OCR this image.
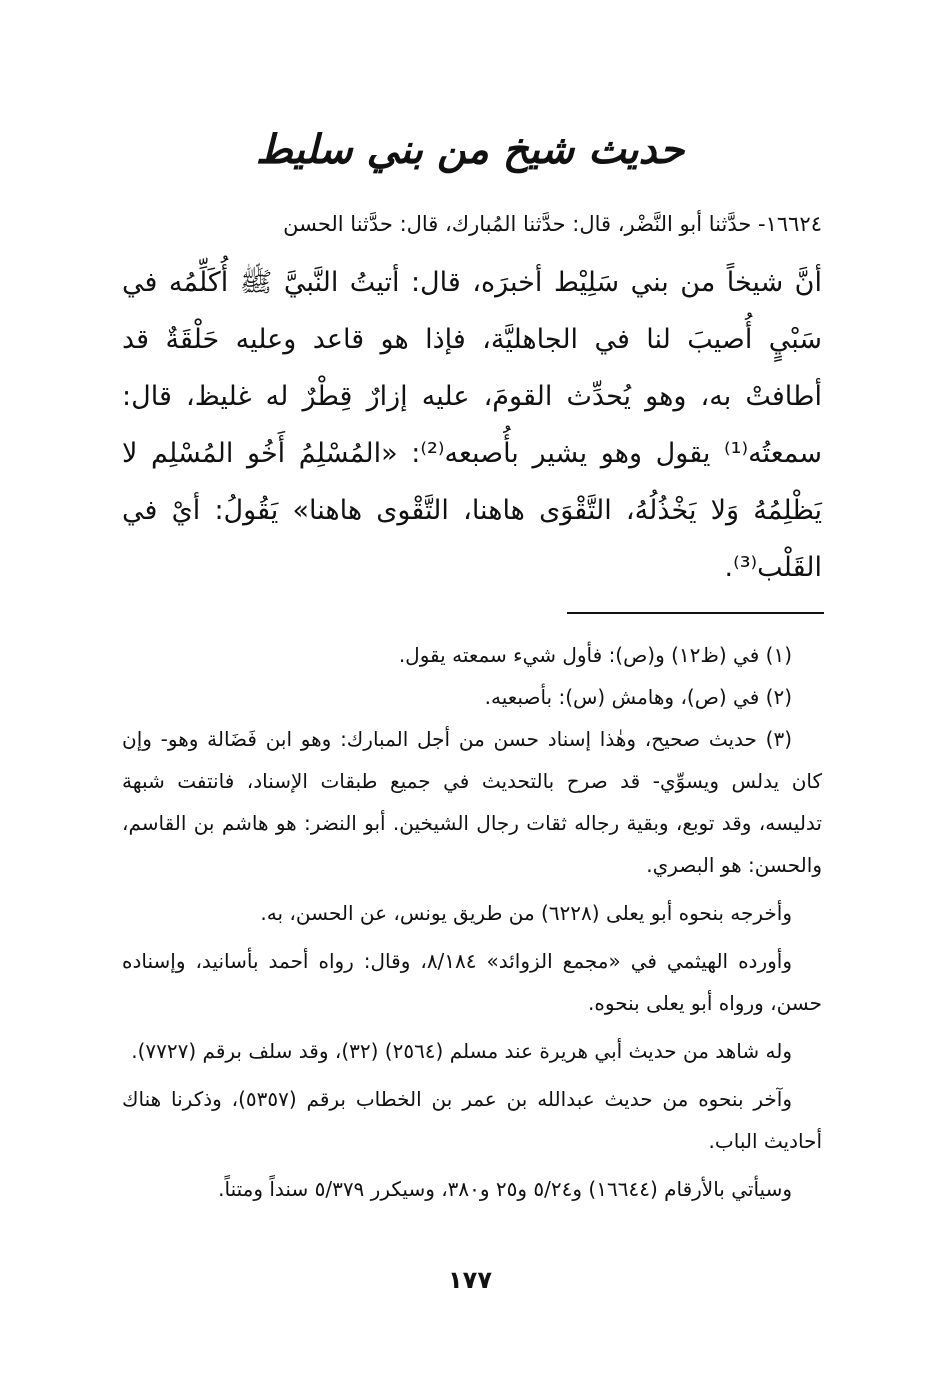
حديث شيخ من بني سليط

١٦٦٢٤- حدَّثنا أبو النَّضْر، قال: حدَّثنا المُبارك، قال: حدَّثنا الحسن

أنَّ شيخاً من بني سَلِيْط أخبرَه، قال: أتيتُ النَّبيَّ ﷺ أُكَلِّمُه في سَبْيٍ أُصيبَ لنا في الجاهليَّة، فإذا هو قاعد وعليه حَلْقَةٌ قد أطافتْ به، وهو يُحدِّث القومَ، عليه إزارٌ قِطْرٌ له غليظ، قال: سمعتُه⁽¹⁾ يقول وهو يشير بأُصبعه⁽²⁾: «المُسْلِمُ أَخُو المُسْلِم لا يَظْلِمُهُ وَلا يَخْذُلُهُ، التَّقْوَى هاهنا، التَّقْوى هاهنا» يَقُولُ: أيْ في القَلْب⁽³⁾.

(١) في (ظ١٢) و(ص): فأول شيء سمعته يقول.

(٢) في (ص)، وهامش (س): بأصبعيه.

(٣) حديث صحيح، وهٰذا إسناد حسن من أجل المبارك: وهو ابن فَضَالة وهو- وإن كان يدلس ويسوِّي- قد صرح بالتحديث في جميع طبقات الإسناد، فانتفت شبهة تدليسه، وقد توبع، وبقية رجاله ثقات رجال الشيخين. أبو النضر: هو هاشم بن القاسم، والحسن: هو البصري.

وأخرجه بنحوه أبو يعلى (٦٢٢٨) من طريق يونس، عن الحسن، به.

وأورده الهيثمي في «مجمع الزوائد» ٨/١٨٤، وقال: رواه أحمد بأسانيد، وإسناده حسن، ورواه أبو يعلى بنحوه.

وله شاهد من حديث أبي هريرة عند مسلم (٢٥٦٤) (٣٢)، وقد سلف برقم (٧٧٢٧).

وآخر بنحوه من حديث عبدالله بن عمر بن الخطاب برقم (٥٣٥٧)، وذكرنا هناك أحاديث الباب.

وسيأتي بالأرقام (١٦٦٤٤) و٥/٢٤ و٢٥ و٣٨٠، وسيكرر ٥/٣٧٩ سنداً ومتناً.

١٧٧
